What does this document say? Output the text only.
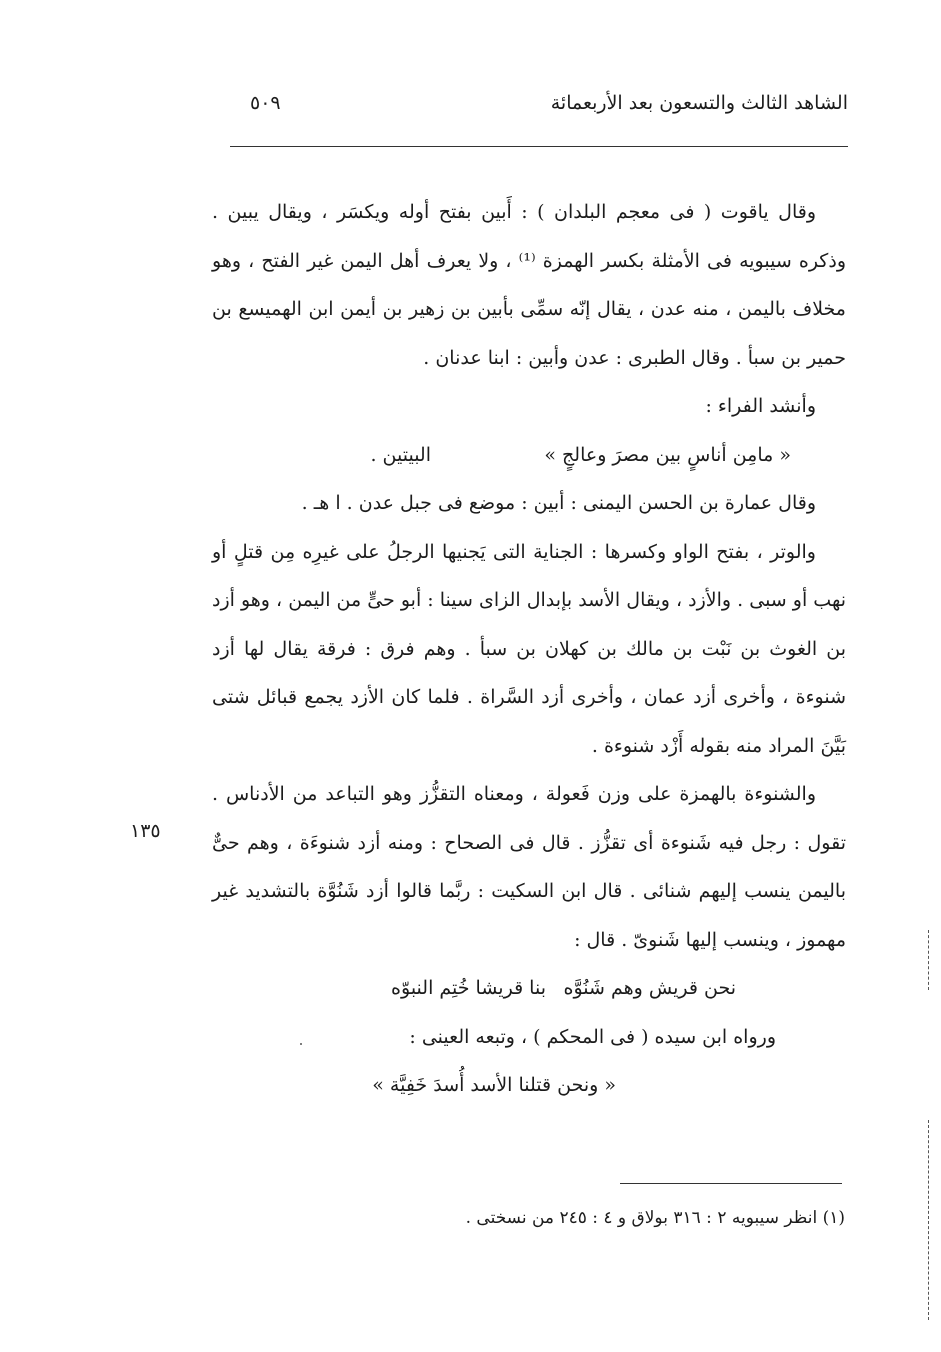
الشاهد الثالث والتسعون بعد الأربعمائة
٥٠٩
١٣٥

وقال ياقوت ( فى معجم البلدان ) : أَبين بفتح أوله ويكسَر ، ويقال يبين . وذكره سيبويه فى الأمثلة بكسر الهمزة ⁽¹⁾ ، ولا يعرف أهل اليمن غير الفتح ، وهو مخلاف باليمن ، منه عدن ، يقال إنّه سمِّى بأبين بن زهير بن أيمن ابن الهميسع بن حمير بن سبأ . وقال الطبرى : عدن وأبين : ابنا عدنان .

وأنشد الفراء :

« مامِن أناسٍ بين مصرَ وعالجٍ »البيتين .

وقال عمارة بن الحسن اليمنى : أبين : موضع فى جبل عدن . ا هـ .

والوتر ، بفتح الواو وكسرها : الجناية التى يَجنيها الرجلُ على غيرِه مِن قتلٍ أو نهب أو سبى . والأزد ، ويقال الأسد بإبدال الزاى سينا : أبو حىٍّ من اليمن ، وهو أزد بن الغوث بن نَبْت بن مالك بن كهلان بن سبأ . وهم فرق : فرقة يقال لها أزد شنوءة ، وأخرى أزد عمان ، وأخرى أزد السَّراة . فلما كان الأزد يجمع قبائل شتى بَيَّنَ المراد منه بقوله أَزْد شنوءة .

والشنوءة بالهمزة على وزن فَعولة ، ومعناه التقزُّز وهو التباعد من الأدناس . تقول : رجل فيه شَنوءة أى تقزُّز . قال فى الصحاح : ومنه أزد شنوءَة ، وهم حىٌّ باليمن ينسب إليهم شنائى . قال ابن السكيت : ربَّما قالوا أزد شَنُوَّة بالتشديد غير مهموز ، وينسب إليها شَنوىّ . قال :

نحن قريش وهم شَنُوَّهبنا قريشا خُتِم النبوّه

ورواه ابن سيده ( فى المحكم ) ، وتبعه العينى :

« ونحن قتلنا الأسد أُسدَ خَفِيَّة »

(١) انظر سيبويه ٢ : ٣١٦ بولاق و ٤ : ٢٤٥ من نسختى .
